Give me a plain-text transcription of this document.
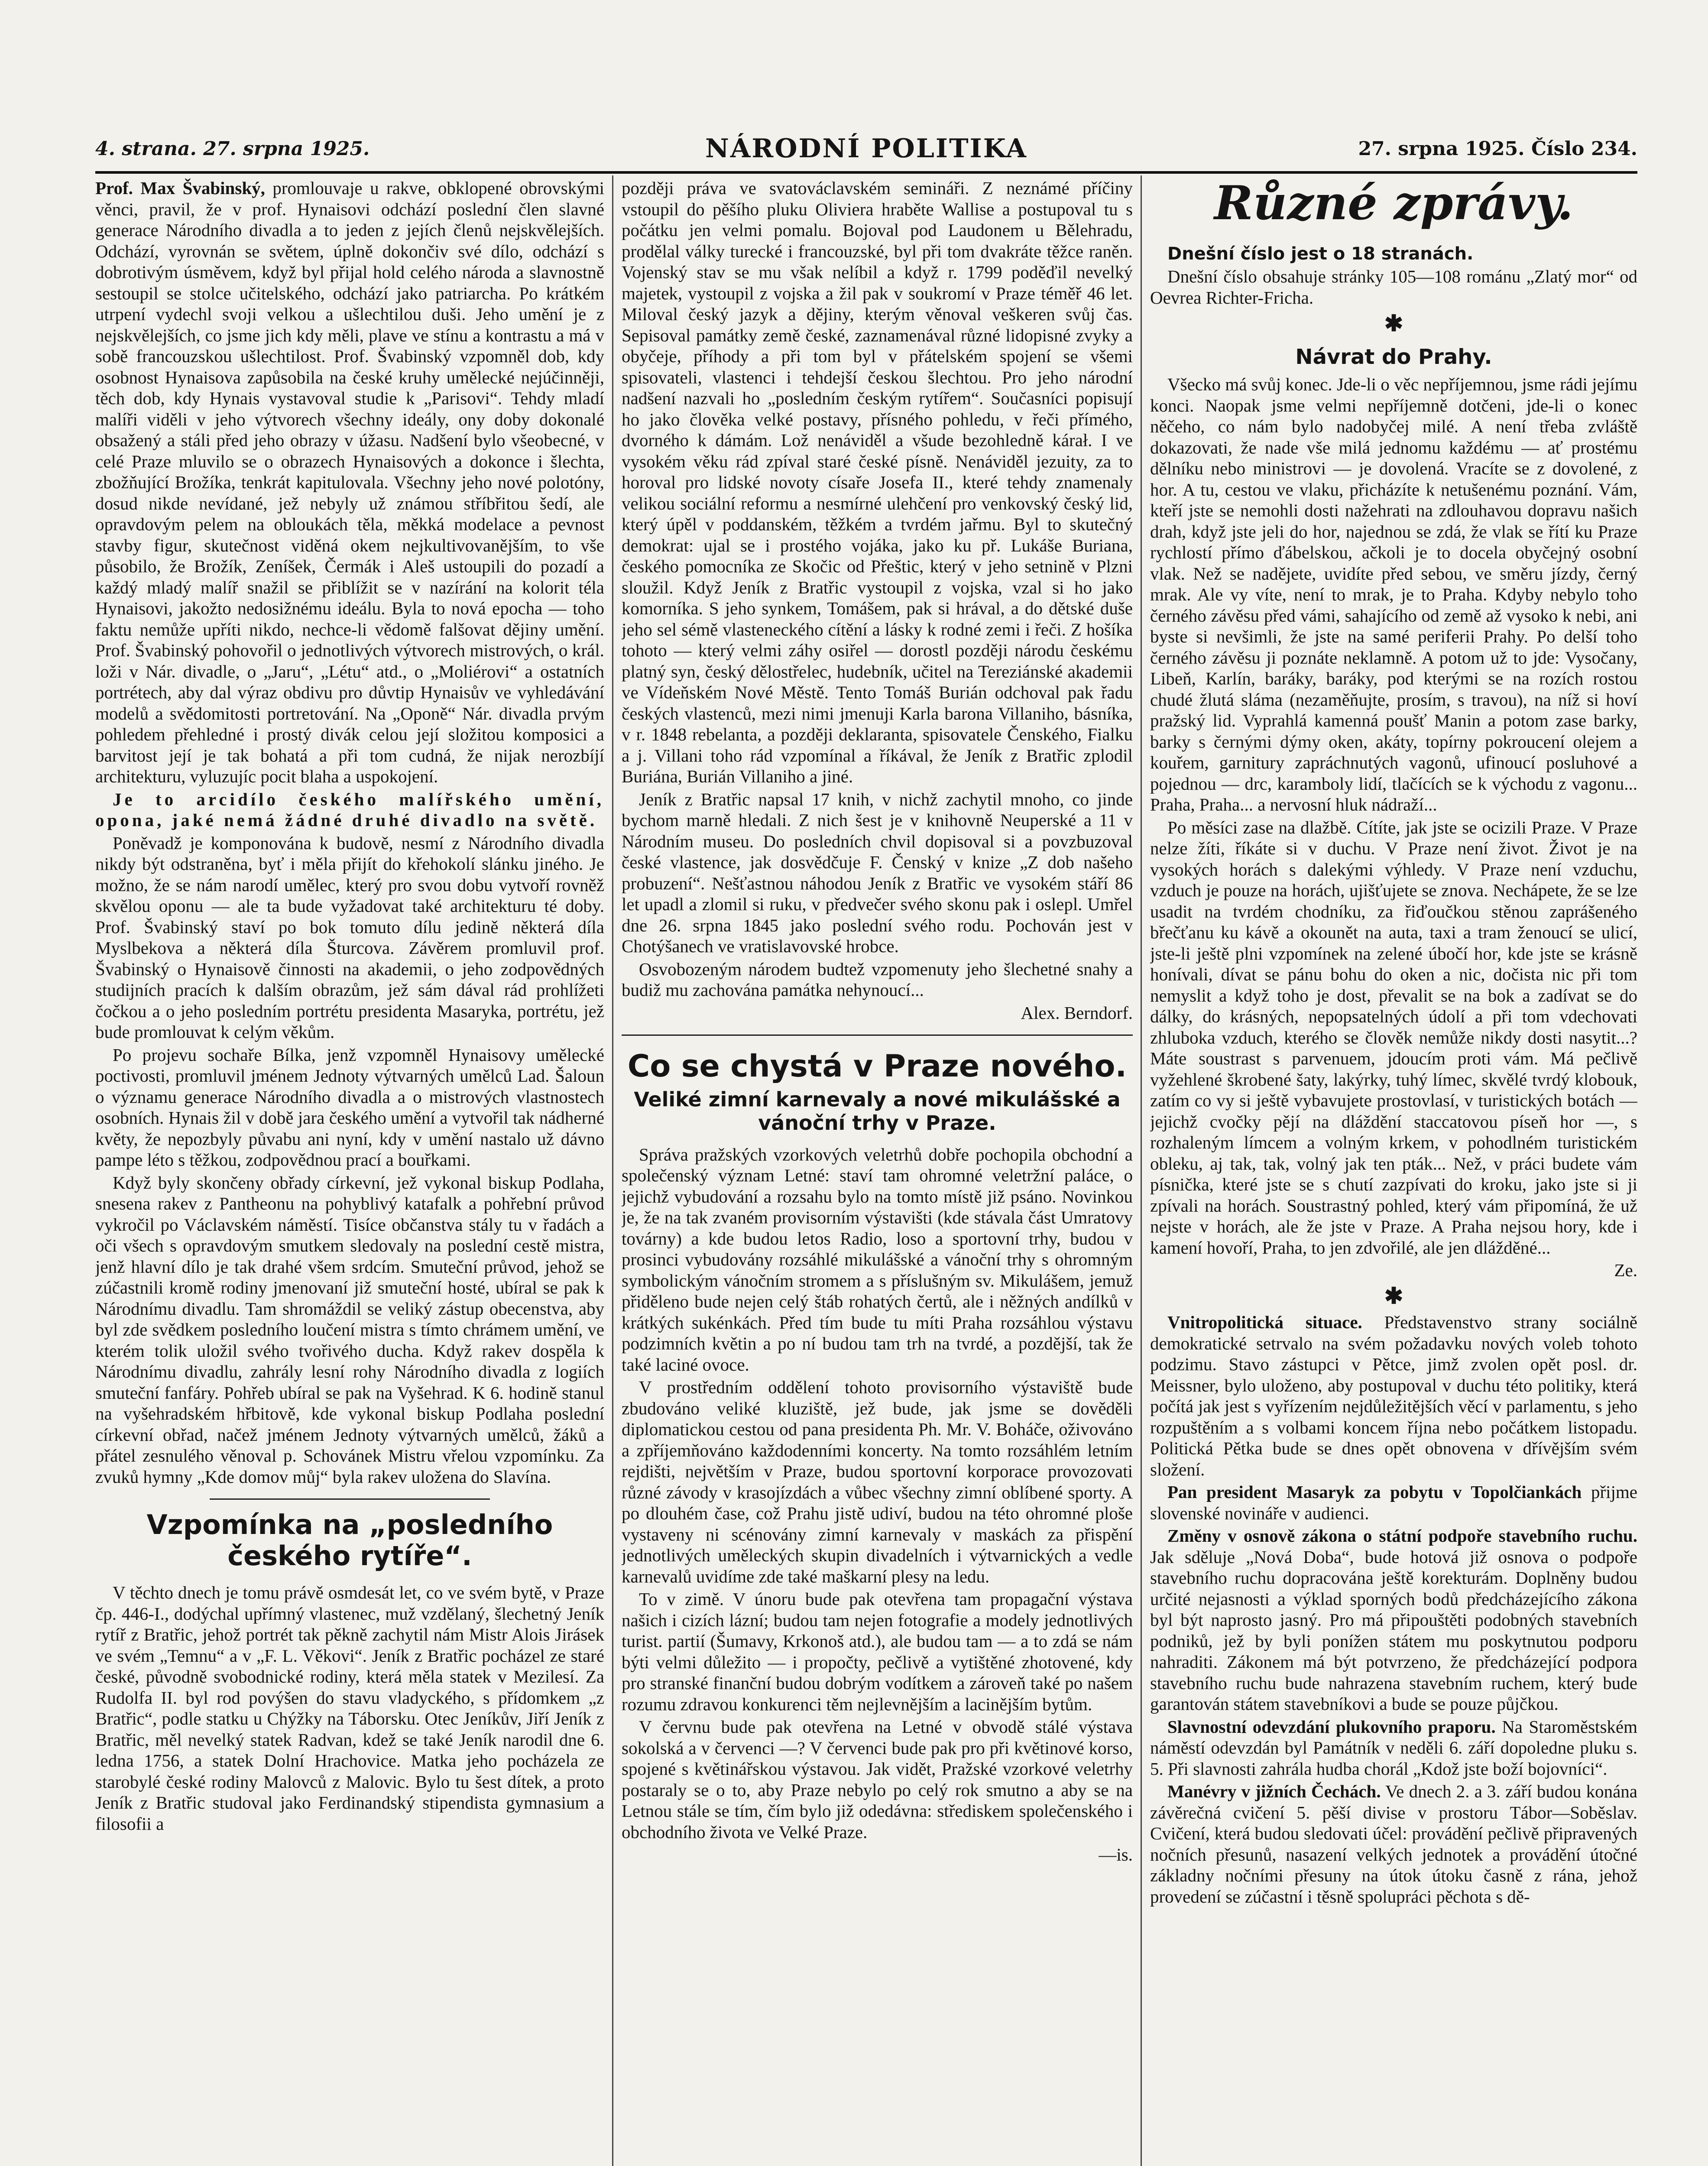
4. strana. 27. srpna 1925.	NÁRODNÍ POLITIKA	27. srpna 1925. Číslo 234.

Prof. Max Švabinský, promlouvaje u rakve, obklopené obrovskými věnci, pravil, že v prof. Hynaisovi odchází poslední člen slavné generace Národního divadla a to jeden z jejích členů nejskvělejších. Odchází, vyrovnán se světem, úplně dokončiv své dílo, odchází s dobrotivým úsměvem, když byl přijal hold celého národa a slavnostně sestoupil se stolce učitelského, odchází jako patriarcha. Po krátkém utrpení vydechl svoji velkou a ušlechtilou duši. Jeho umění je z nejskvělejších, co jsme jich kdy měli, plave ve stínu a kontrastu a má v sobě francouzskou ušlechtilost. Prof. Švabinský vzpomněl dob, kdy osobnost Hynaisova zapůsobila na české kruhy umělecké nejúčinněji, těch dob, kdy Hynais vystavoval studie k „Parisovi“. Tehdy mladí malíři viděli v jeho výtvorech všechny ideály, ony doby dokonalé obsažený a stáli před jeho obrazy v úžasu. Nadšení bylo všeobecné, v celé Praze mluvilo se o obrazech Hynaisových a dokonce i šlechta, zbožňující Brožíka, tenkrát kapitulovala. Všechny jeho nové polotóny, dosud nikde nevídané, jež nebyly už známou stříbřitou šedí, ale opravdovým pelem na obloukách těla, měkká modelace a pevnost stavby figur, skutečnost viděná okem nejkultivovanějším, to vše působilo, že Brožík, Zeníšek, Čermák i Aleš ustoupili do pozadí a každý mladý malíř snažil se přiblížit se v nazírání na kolorit téla Hynaisovi, jakožto nedosižnému ideálu. Byla to nová epocha — toho faktu nemůže upříti nikdo, nechce-li vědomě falšovat dějiny umění. Prof. Švabinský pohovořil o jednotlivých výtvorech mistrových, o král. loži v Nár. divadle, o „Jaru“, „Létu“ atd., o „Moliérovi“ a ostatních portrétech, aby dal výraz obdivu pro důvtip Hynaisův ve vyhledávání modelů a svědomitosti portretování. Na „Oponě“ Nár. divadla prvým pohledem přehledné i prostý divák celou její složitou komposici a barvitost její je tak bohatá a při tom cudná, že nijak nerozbíjí architekturu, vyluzujíc pocit blaha a uspokojení.

Je to arcidílo českého malířského umění, opona, jaké nemá žádné druhé divadlo na světě.

Poněvadž je komponována k budově, nesmí z Národního divadla nikdy být odstraněna, byť i měla přijít do křehokolí slánku jiného. Je možno, že se nám narodí umělec, který pro svou dobu vytvoří rovněž skvělou oponu — ale ta bude vyžadovat také architekturu té doby. Prof. Švabinský staví po bok tomuto dílu jedině některá díla Myslbekova a některá díla Šturcova. Závěrem promluvil prof. Švabinský o Hynaisově činnosti na akademii, o jeho zodpovědných studijních pracích k dalším obrazům, jež sám dával rád prohlížeti čočkou a o jeho posledním portrétu presidenta Masaryka, portrétu, jež bude promlouvat k celým věkům.

Po projevu sochaře Bílka, jenž vzpomněl Hynaisovy umělecké poctivosti, promluvil jménem Jednoty výtvarných umělců Lad. Šaloun o významu generace Národního divadla a o mistrových vlastnostech osobních. Hynais žil v době jara českého umění a vytvořil tak nádherné květy, že nepozbyly půvabu ani nyní, kdy v umění nastalo už dávno pampe léto s těžkou, zodpovědnou prací a bouřkami.

Když byly skončeny obřady církevní, jež vykonal biskup Podlaha, snesena rakev z Pantheonu na pohyblivý katafalk a pohřební průvod vykročil po Václavském náměstí. Tisíce občanstva stály tu v řadách a oči všech s opravdovým smutkem sledovaly na poslední cestě mistra, jenž hlavní dílo je tak drahé všem srdcím. Smuteční průvod, jehož se zúčastnili kromě rodiny jmenovaní již smuteční hosté, ubíral se pak k Národnímu divadlu. Tam shromáždil se veliký zástup obecenstva, aby byl zde svědkem posledního loučení mistra s tímto chrámem umění, ve kterém tolik uložil svého tvořivého ducha. Když rakev dospěla k Národnímu divadlu, zahrály lesní rohy Národního divadla z logiích smuteční fanfáry. Pohřeb ubíral se pak na Vyšehrad. K 6. hodině stanul na vyšehradském hřbitově, kde vykonal biskup Podlaha poslední církevní obřad, načež jménem Jednoty výtvarných umělců, žáků a přátel zesnulého věnoval p. Schovánek Mistru vřelou vzpomínku. Za zvuků hymny „Kde domov můj“ byla rakev uložena do Slavína.

Vzpomínka na „posledního českého rytíře“.

V těchto dnech je tomu právě osmdesát let, co ve svém bytě, v Praze čp. 446-I., dodýchal upřímný vlastenec, muž vzdělaný, šlechetný Jeník rytíř z Bratřic, jehož portrét tak pěkně zachytil nám Mistr Alois Jirásek ve svém „Temnu“ a v „F. L. Věkovi“. Jeník z Bratřic pocházel ze staré české, původně svobodnické rodiny, která měla statek v Mezilesí. Za Rudolfa II. byl rod povýšen do stavu vladyckého, s přídomkem „z Bratřic“, podle statku u Chýžky na Táborsku. Otec Jeníkův, Jiří Jeník z Bratřic, měl nevelký statek Radvan, kdež se také Jeník narodil dne 6. ledna 1756, a statek Dolní Hrachovice. Matka jeho pocházela ze starobylé české rodiny Malovců z Malovic. Bylo tu šest dítek, a proto Jeník z Bratřic studoval jako Ferdinandský stipendista gymnasium a filosofii a

později práva ve svatováclavském semináři. Z neznámé příčiny vstoupil do pěšího pluku Oliviera hraběte Wallise a postupoval tu s počátku jen velmi pomalu. Bojoval pod Laudonem u Bělehradu, prodělal války turecké i francouzské, byl při tom dvakráte těžce raněn. Vojenský stav se mu však nelíbil a když r. 1799 poděďil nevelký majetek, vystoupil z vojska a žil pak v soukromí v Praze téměř 46 let. Miloval český jazyk a dějiny, kterým věnoval veškeren svůj čas. Sepisoval památky země české, zaznamenával různé lidopisné zvyky a obyčeje, příhody a při tom byl v přátelském spojení se všemi spisovateli, vlastenci i tehdejší českou šlechtou. Pro jeho národní nadšení nazvali ho „posledním českým rytířem“. Současníci popisují ho jako člověka velké postavy, přísného pohledu, v řeči přímého, dvorného k dámám. Lož nenáviděl a všude bezohledně kárał. I ve vysokém věku rád zpíval staré české písně. Nenáviděl jezuity, za to horoval pro lidské novoty císaře Josefa II., které tehdy znamenaly velikou sociální reformu a nesmírné ulehčení pro venkovský český lid, který úpěl v poddanském, těžkém a tvrdém jařmu. Byl to skutečný demokrat: ujal se i prostého vojáka, jako ku př. Lukáše Buriana, českého pomocníka ze Skočic od Přeštic, který v jeho setnině v Plzni sloužil. Když Jeník z Bratřic vystoupil z vojska, vzal si ho jako komorníka. S jeho synkem, Tomášem, pak si hrával, a do dětské duše jeho sel sémě vlasteneckého cítění a lásky k rodné zemi i řeči. Z hošíka tohoto — který velmi záhy osiřel — dorostl později národu českému platný syn, český dělostřelec, hudebník, učitel na Tereziánské akademii ve Vídeňském Nové Městě. Tento Tomáš Burián odchoval pak řadu českých vlastenců, mezi nimi jmenuji Karla barona Villaniho, básníka, v r. 1848 rebelanta, a později deklaranta, spisovatele Čenského, Fialku a j. Villani toho rád vzpomínal a říkával, že Jeník z Bratřic zplodil Buriána, Burián Villaniho a jiné.

Jeník z Bratřic napsal 17 knih, v nichž zachytil mnoho, co jinde bychom marně hledali. Z nich šest je v knihovně Neuperské a 11 v Národním museu. Do posledních chvil dopisoval si a povzbuzoval české vlastence, jak dosvědčuje F. Čenský v knize „Z dob našeho probuzení“. Nešťastnou náhodou Jeník z Bratřic ve vysokém stáří 86 let upadl a zlomil si ruku, v předvečer svého skonu pak i oslepl. Umřel dne 26. srpna 1845 jako poslední svého rodu. Pochován jest v Chotýšanech ve vratislavovské hrobce.

Osvobozeným národem budtež vzpomenuty jeho šlechetné snahy a budiž mu zachována památka nehynoucí...

Alex. Berndorf.
Co se chystá v Praze nového.
Veliké zimní karnevaly a nové mikulášské a vánoční trhy v Praze.

Správa pražských vzorkových veletrhů dobře pochopila obchodní a společenský význam Letné: staví tam ohromné veletržní paláce, o jejichž vybudování a rozsahu bylo na tomto místě již psáno. Novinkou je, že na tak zvaném provisorním výstavišti (kde stávala část Umratovy továrny) a kde budou letos Radio, loso a sportovní trhy, budou v prosinci vybudovány rozsáhlé mikulášské a vánoční trhy s ohromným symbolickým vánočním stromem a s příslušným sv. Mikulášem, jemuž přiděleno bude nejen celý štáb rohatých čertů, ale i něžných andílků v krátkých sukénkách. Před tím bude tu míti Praha rozsáhlou výstavu podzimních květin a po ní budou tam trh na tvrdé, a pozdější, tak že také laciné ovoce.

V prostředním oddělení tohoto provisorního výstaviště bude zbudováno veliké kluziště, jež bude, jak jsme se dověděli diplomatickou cestou od pana presidenta Ph. Mr. V. Boháče, oživováno a zpříjemňováno každodenními koncerty. Na tomto rozsáhlém letním rejdišti, největším v Praze, budou sportovní korporace provozovati různé závody v krasojízdách a vůbec všechny zimní oblíbené sporty. A po dlouhém čase, což Prahu jistě udiví, budou na této ohromné ploše vystaveny ni scénovány zimní karnevaly v maskách za přispění jednotlivých uměleckých skupin divadelních i výtvarnických a vedle karnevalů uvidíme zde také maškarní plesy na ledu.

To v zimě. V únoru bude pak otevřena tam propagační výstava našich i cizích lázní; budou tam nejen fotografie a modely jednotlivých turist. partií (Šumavy, Krkonoš atd.), ale budou tam — a to zdá se nám býti velmi důležito — i propočty, pečlivě a vytištěné zhotovené, kdy pro stranské finanční budou dobrým vodítkem a zároveň také po našem rozumu zdravou konkurenci těm nejlevnějším a lacinějším bytům.

V červnu bude pak otevřena na Letné v obvodě stálé výstava sokolská a v červenci —? V červenci bude pak pro při květinové korso, spojené s květinářskou výstavou. Jak vidět, Pražské vzorkové veletrhy postaraly se o to, aby Praze nebylo po celý rok smutno a aby se na Letnou stále se tím, čím bylo již odedávna: střediskem společenského i obchodního života ve Velké Praze.

—is.
Různé zprávy.
Dnešní číslo jest o 18 stranách.

Dnešní číslo obsahuje stránky 105—108 románu „Zlatý mor“ od Oevrea Richter-Fricha.

✱
Návrat do Prahy.

Všecko má svůj konec. Jde-li o věc nepříjemnou, jsme rádi jejímu konci. Naopak jsme velmi nepříjemně dotčeni, jde-li o konec něčeho, co nám bylo nadobyčej milé. A není třeba zvláště dokazovati, že nade vše milá jednomu každému — ať prostému dělníku nebo ministrovi — je dovolená. Vracíte se z dovolené, z hor. A tu, cestou ve vlaku, přicházíte k netušenému poznání. Vám, kteří jste se nemohli dosti nažehrati na zdlouhavou dopravu našich drah, když jste jeli do hor, najednou se zdá, že vlak se řítí ku Praze rychlostí přímo ďábelskou, ačkoli je to docela obyčejný osobní vlak. Než se nadějete, uvidíte před sebou, ve směru jízdy, černý mrak. Ale vy víte, není to mrak, je to Praha. Kdyby nebylo toho černého závěsu před vámi, sahajícího od země až vysoko k nebi, ani byste si nevšimli, že jste na samé periferii Prahy. Po delší toho černého závěsu ji poznáte neklamně. A potom už to jde: Vysočany, Libeň, Karlín, baráky, baráky, pod kterými se na rozích rostou chudé žlutá sláma (nezaměňujte, prosím, s travou), na níž si hoví pražský lid. Vyprahlá kamenná poušť Manin a potom zase barky, barky s černými dýmy oken, akáty, topírny pokroucení olejem a kouřem, garnitury zapráchnutých vagonů, ufinoucí posluhové a pojednou — drc, karamboly lidí, tlačících se k východu z vagonu... Praha, Praha... a nervosní hluk nádraží...

Po měsíci zase na dlažbě. Cítíte, jak jste se ocizili Praze. V Praze nelze žíti, říkáte si v duchu. V Praze není život. Život je na vysokých horách s dalekými výhledy. V Praze není vzduchu, vzduch je pouze na horách, ujišťujete se znova. Nechápete, že se lze usadit na tvrdém chodníku, za řiďoučkou stěnou zaprášeného břečťanu ku kávě a okounět na auta, taxi a tram ženoucí se ulicí, jste-li ještě plni vzpomínek na zelené úbočí hor, kde jste se krásně honívali, dívat se pánu bohu do oken a nic, dočista nic při tom nemyslit a když toho je dost, převalit se na bok a zadívat se do dálky, do krásných, nepopsatelných údolí a při tom vdechovati zhluboka vzduch, kterého se člověk nemůže nikdy dosti nasytit...? Máte soustrast s parvenuem, jdoucím proti vám. Má pečlivě vyžehlené škrobené šaty, lakýrky, tuhý límec, skvělé tvrdý klobouk, zatím co vy si ještě vybavujete prostovlasí, v turistických botách — jejichž cvočky pějí na dláždění staccatovou píseň hor —, s rozhaleným límcem a volným krkem, v pohodlném turistickém obleku, aj tak, tak, volný jak ten pták... Než, v práci budete vám písnička, které jste se s chutí zazpívati do kroku, jako jste si ji zpívali na horách. Soustrastný pohled, který vám připomíná, že už nejste v horách, ale že jste v Praze. A Praha nejsou hory, kde i kamení hovoří, Praha, to jen zdvořilé, ale jen dlážděné...

Ze.
✱

Vnitropolitická situace. Představenstvo strany sociálně demokratické setrvalo na svém požadavku nových voleb tohoto podzimu. Stavo zástupci v Pětce, jimž zvolen opět posl. dr. Meissner, bylo uloženo, aby postupoval v duchu této politiky, která počítá jak jest s vyřízením nejdůležitějších věcí v parlamentu, s jeho rozpuštěním a s volbami koncem října nebo počátkem listopadu. Politická Pětka bude se dnes opět obnovena v dřívějším svém složení.

Pan president Masaryk za pobytu v Topolčiankách přijme slovenské novináře v audienci.

Změny v osnově zákona o státní podpoře stavebního ruchu. Jak sděluje „Nová Doba“, bude hotová již osnova o podpoře stavebního ruchu dopracována ještě korekturám. Doplněny budou určité nejasnosti a výklad sporných bodů předcházejícího zákona byl být naprosto jasný. Pro má připouštěti podobných stavebních podniků, jež by byli ponížen státem mu poskytnutou podporu nahraditi. Zákonem má být potvrzeno, že předcházející podpora stavebního ruchu bude nahrazena stavebním ruchem, který bude garantován státem stavebníkovi a bude se pouze půjčkou.

Slavnostní odevzdání plukovního praporu. Na Staroměstském náměstí odevzdán byl Památník v neděli 6. září dopoledne pluku s. 5. Při slavnosti zahrála hudba chorál „Kdož jste boží bojovníci“.

Manévry v jižních Čechách. Ve dnech 2. a 3. září budou konána závěrečná cvičení 5. pěší divise v prostoru Tábor—Soběslav. Cvičení, která budou sledovati účel: provádění pečlivě připravených nočních přesunů, nasazení velkých jednotek a provádění útočné základny nočními přesuny na útok útoku časně z rána, jehož provedení se zúčastní i těsně spolupráci pěchota s dě-
